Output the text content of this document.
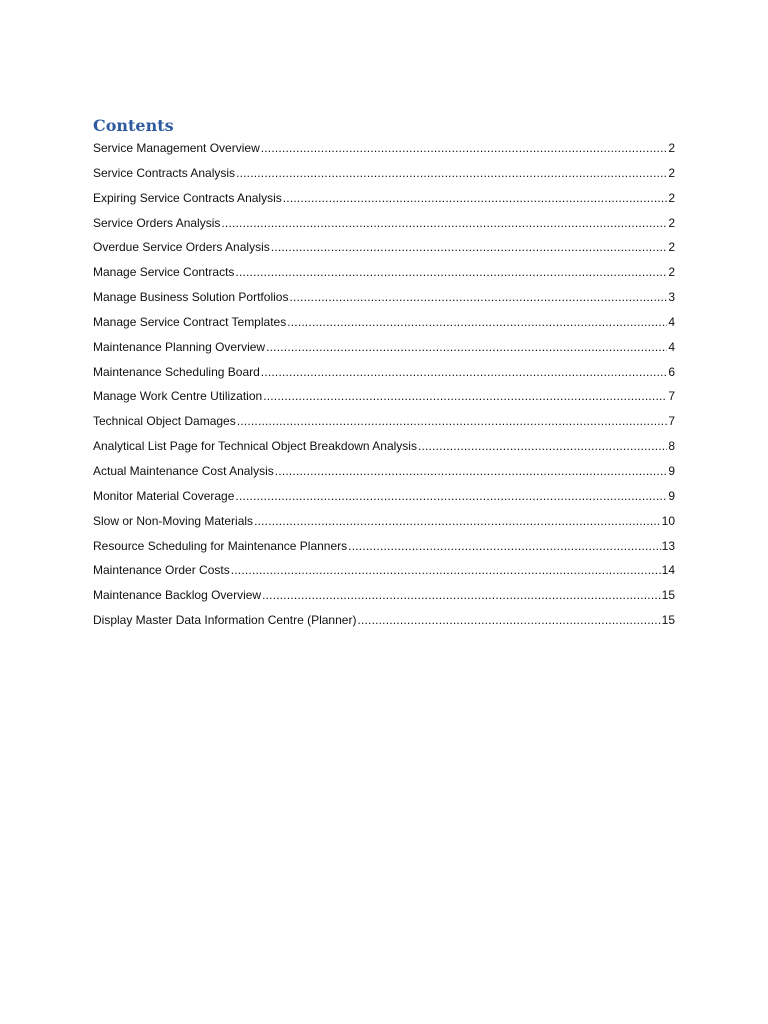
Contents
Service Management Overview .....	2
Service Contracts Analysis .....	2
Expiring Service Contracts Analysis .....	2
Service Orders Analysis .....	2
Overdue Service Orders Analysis .....	2
Manage Service Contracts .....	2
Manage Business Solution Portfolios .....	3
Manage Service Contract Templates .....	4
Maintenance Planning Overview .....	4
Maintenance Scheduling Board .....	6
Manage Work Centre Utilization .....	7
Technical Object Damages .....	7
Analytical List Page for Technical Object Breakdown Analysis .....	8
Actual Maintenance Cost Analysis .....	9
Monitor Material Coverage .....	9
Slow or Non-Moving Materials .....	10
Resource Scheduling for Maintenance Planners .....	13
Maintenance Order Costs .....	14
Maintenance Backlog Overview .....	15
Display Master Data Information Centre (Planner) .....	15
